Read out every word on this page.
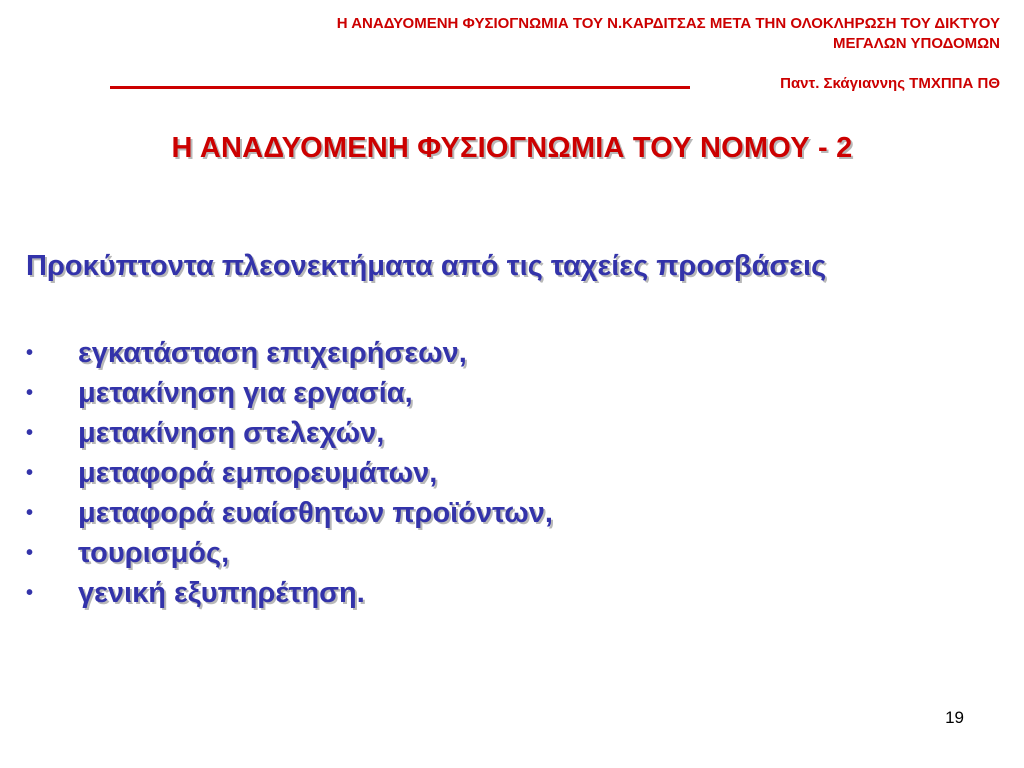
Η ΑΝΑΔΥΟΜΕΝΗ ΦΥΣΙΟΓΝΩΜΙΑ ΤΟΥ Ν.ΚΑΡΔΙΤΣΑΣ ΜΕΤΑ ΤΗΝ ΟΛΟΚΛΗΡΩΣΗ ΤΟΥ ΔΙΚΤΥΟΥ
ΜΕΓΑΛΩΝ ΥΠΟΔΟΜΩΝ
Παντ. Σκάγιαννης ΤΜΧΠΠΑ ΠΘ
Η ΑΝΑΔΥΟΜΕΝΗ ΦΥΣΙΟΓΝΩΜΙΑ ΤΟΥ ΝΟΜΟΥ - 2
Προκύπτοντα πλεονεκτήματα από τις ταχείες προσβάσεις
•	εγκατάσταση επιχειρήσεων,
•	μετακίνηση για εργασία,
•	μετακίνηση στελεχών,
•	μεταφορά εμπορευμάτων,
•	μεταφορά ευαίσθητων προϊόντων,
•	τουρισμός,
•	γενική εξυπηρέτηση.
19
